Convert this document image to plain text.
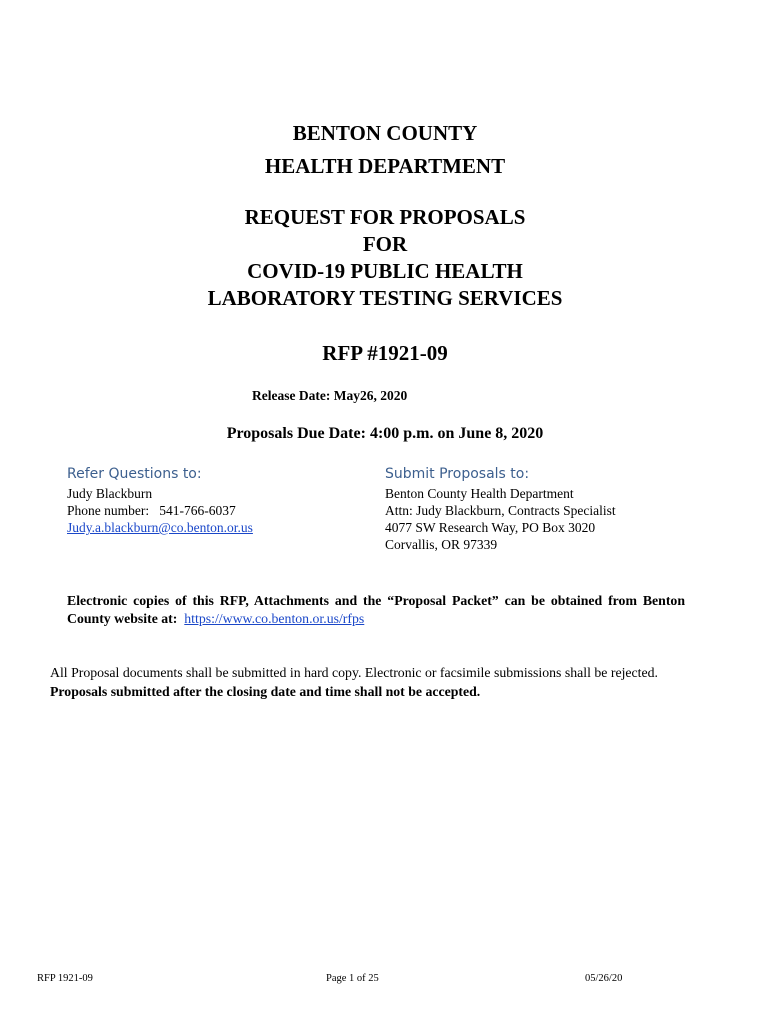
BENTON COUNTY
HEALTH DEPARTMENT
REQUEST FOR PROPOSALS
FOR
COVID-19 PUBLIC HEALTH
LABORATORY TESTING SERVICES
RFP #1921-09
Release Date: May26, 2020
Proposals Due Date: 4:00 p.m. on June 8, 2020
Refer Questions to:
Judy Blackburn
Phone number: 541-766-6037
Judy.a.blackburn@co.benton.or.us
Submit Proposals to:
Benton County Health Department
Attn: Judy Blackburn, Contracts Specialist
4077 SW Research Way, PO Box 3020
Corvallis, OR 97339
Electronic copies of this RFP, Attachments and the “Proposal Packet” can be obtained from Benton County website at: https://www.co.benton.or.us/rfps
All Proposal documents shall be submitted in hard copy. Electronic or facsimile submissions shall be rejected. Proposals submitted after the closing date and time shall not be accepted.
RFP 1921-09	Page 1 of 25	05/26/20
